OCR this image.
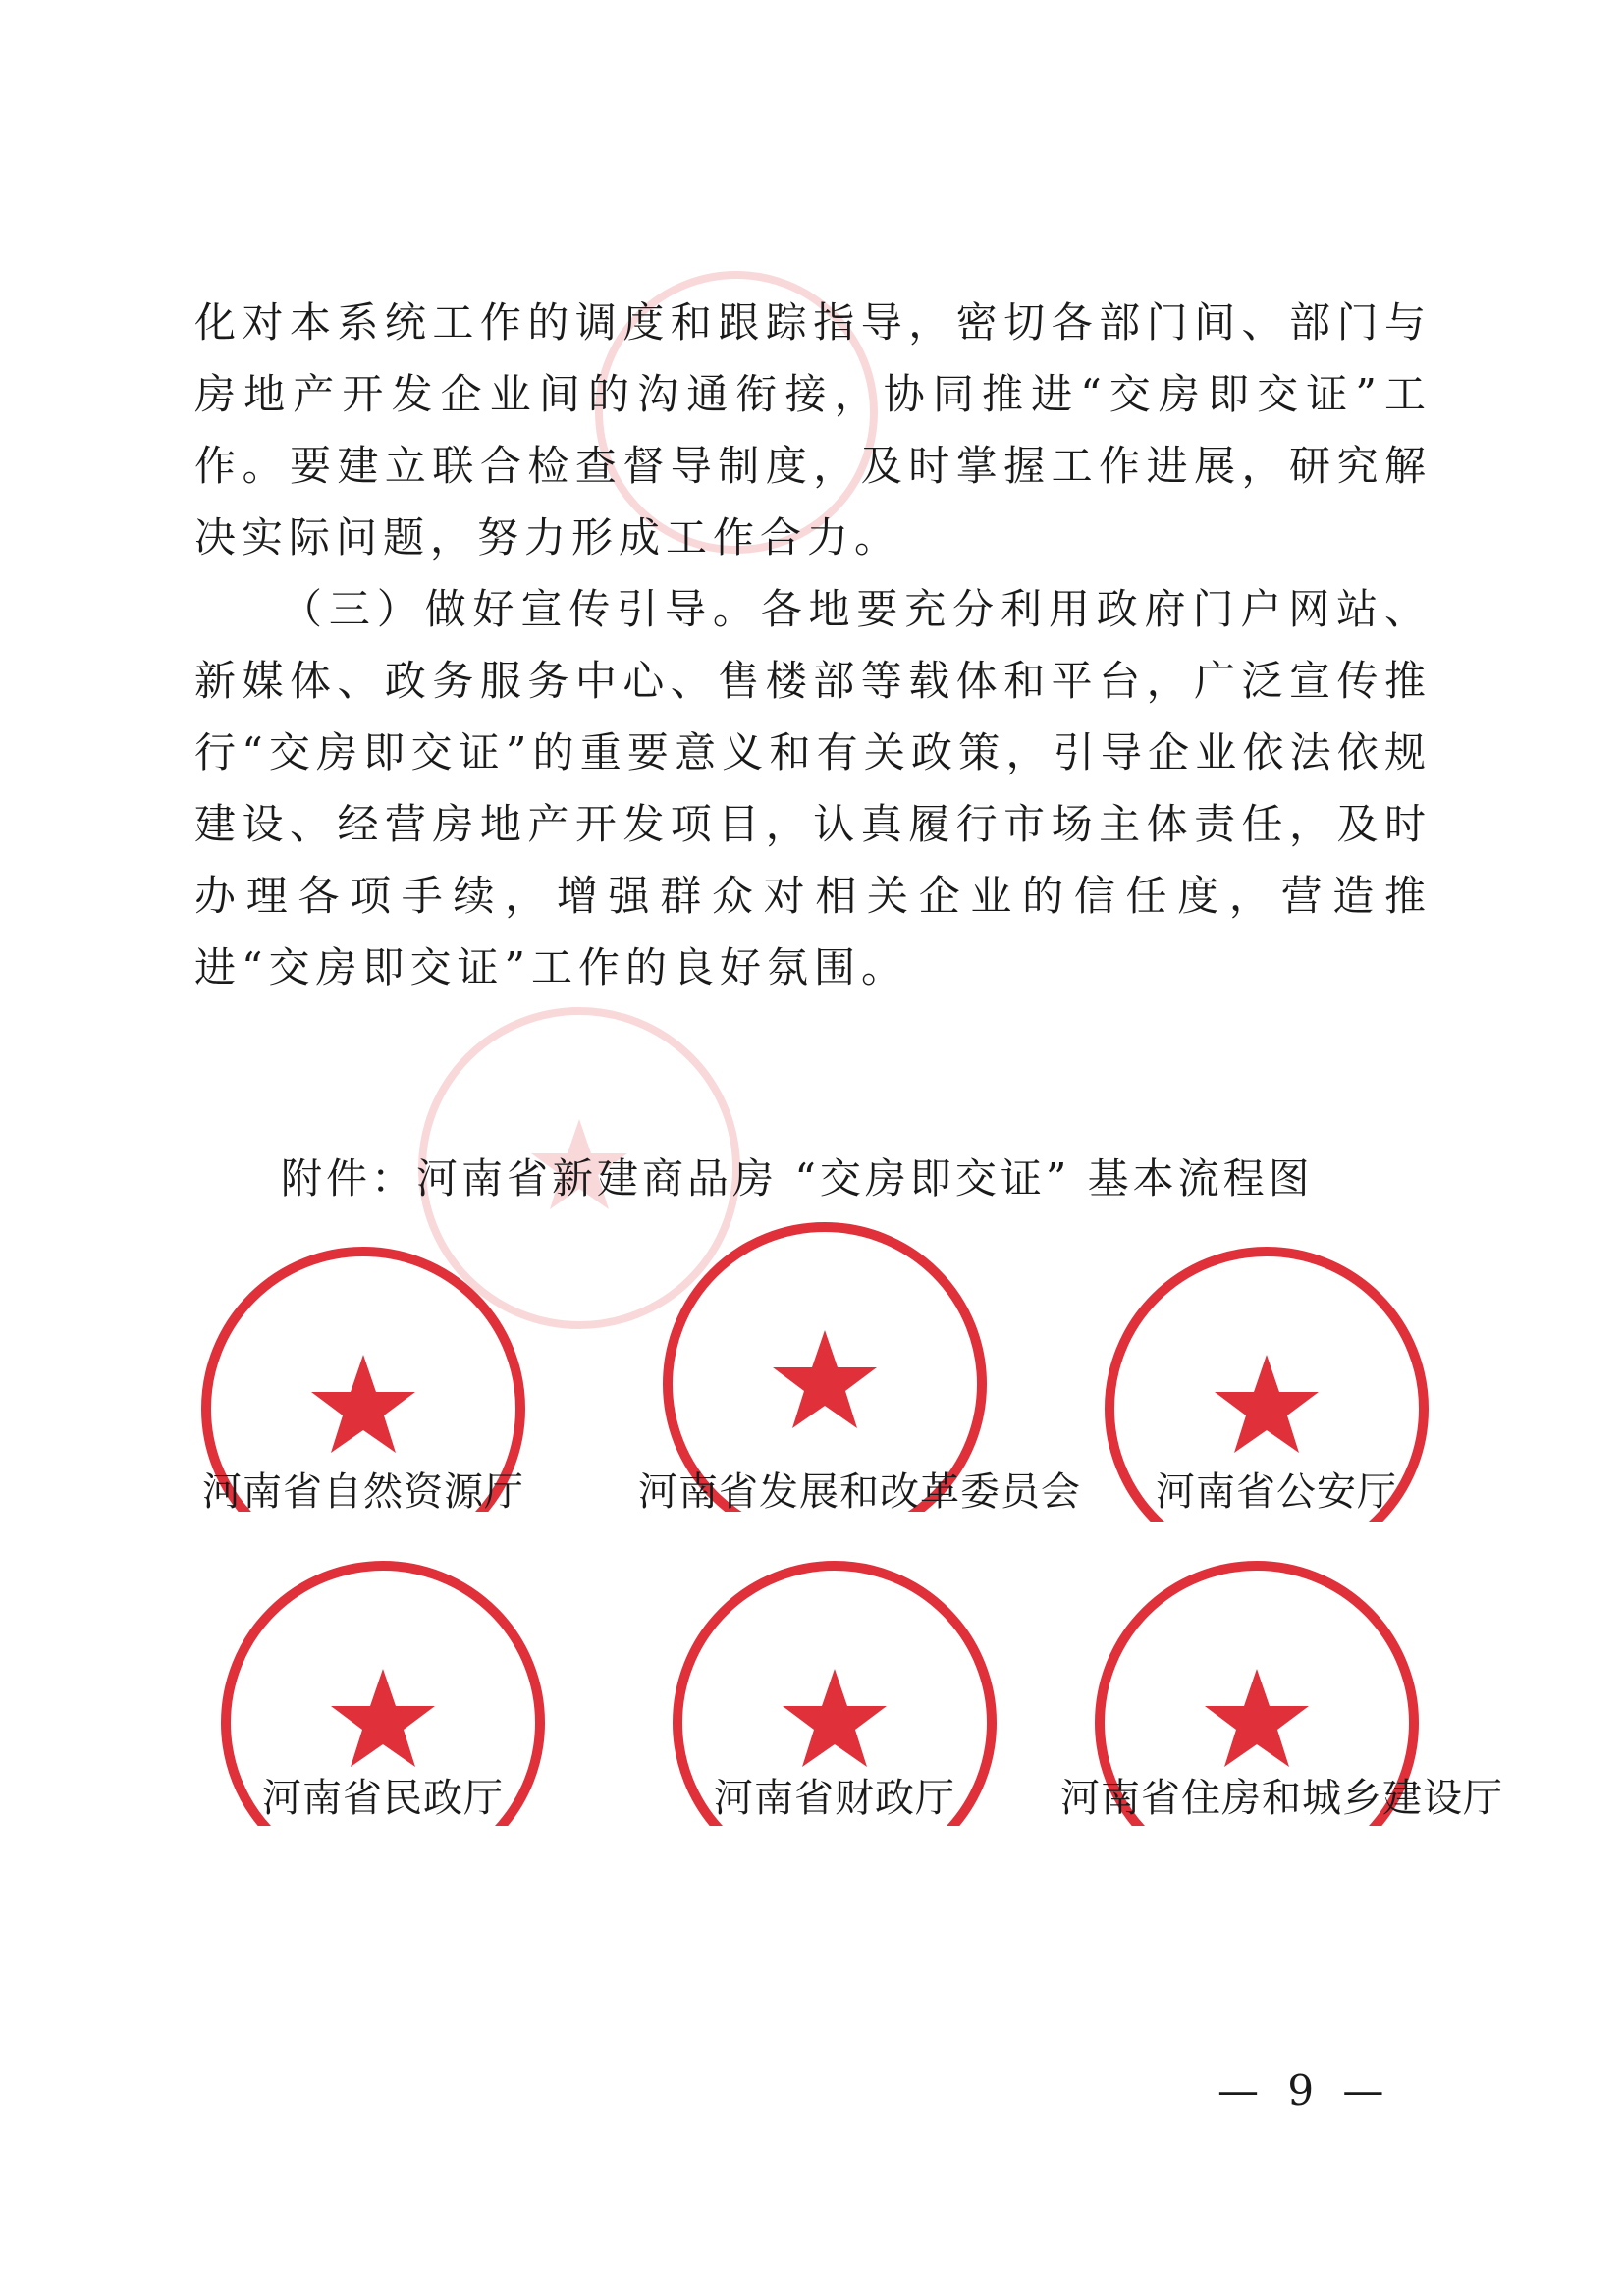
化对本系统工作的调度和跟踪指导，密切各部门间、部门与房地产开发企业间的沟通衔接，协同推进“交房即交证”工作。要建立联合检查督导制度，及时掌握工作进展，研究解决实际问题，努力形成工作合力。

（三）做好宣传引导。各地要充分利用政府门户网站、新媒体、政务服务中心、售楼部等载体和平台，广泛宣传推行“交房即交证”的重要意义和有关政策，引导企业依法依规建设、经营房地产开发项目，认真履行市场主体责任，及时办理各项手续，增强群众对相关企业的信任度，营造推进“交房即交证”工作的良好氛围。

附件：河南省新建商品房 “交房即交证” 基本流程图
河南省自然资源厅	河南省发展和改革委员会	河南省公安厅
河南省民政厅	河南省财政厅	河南省住房和城乡建设厅
— 9 —
